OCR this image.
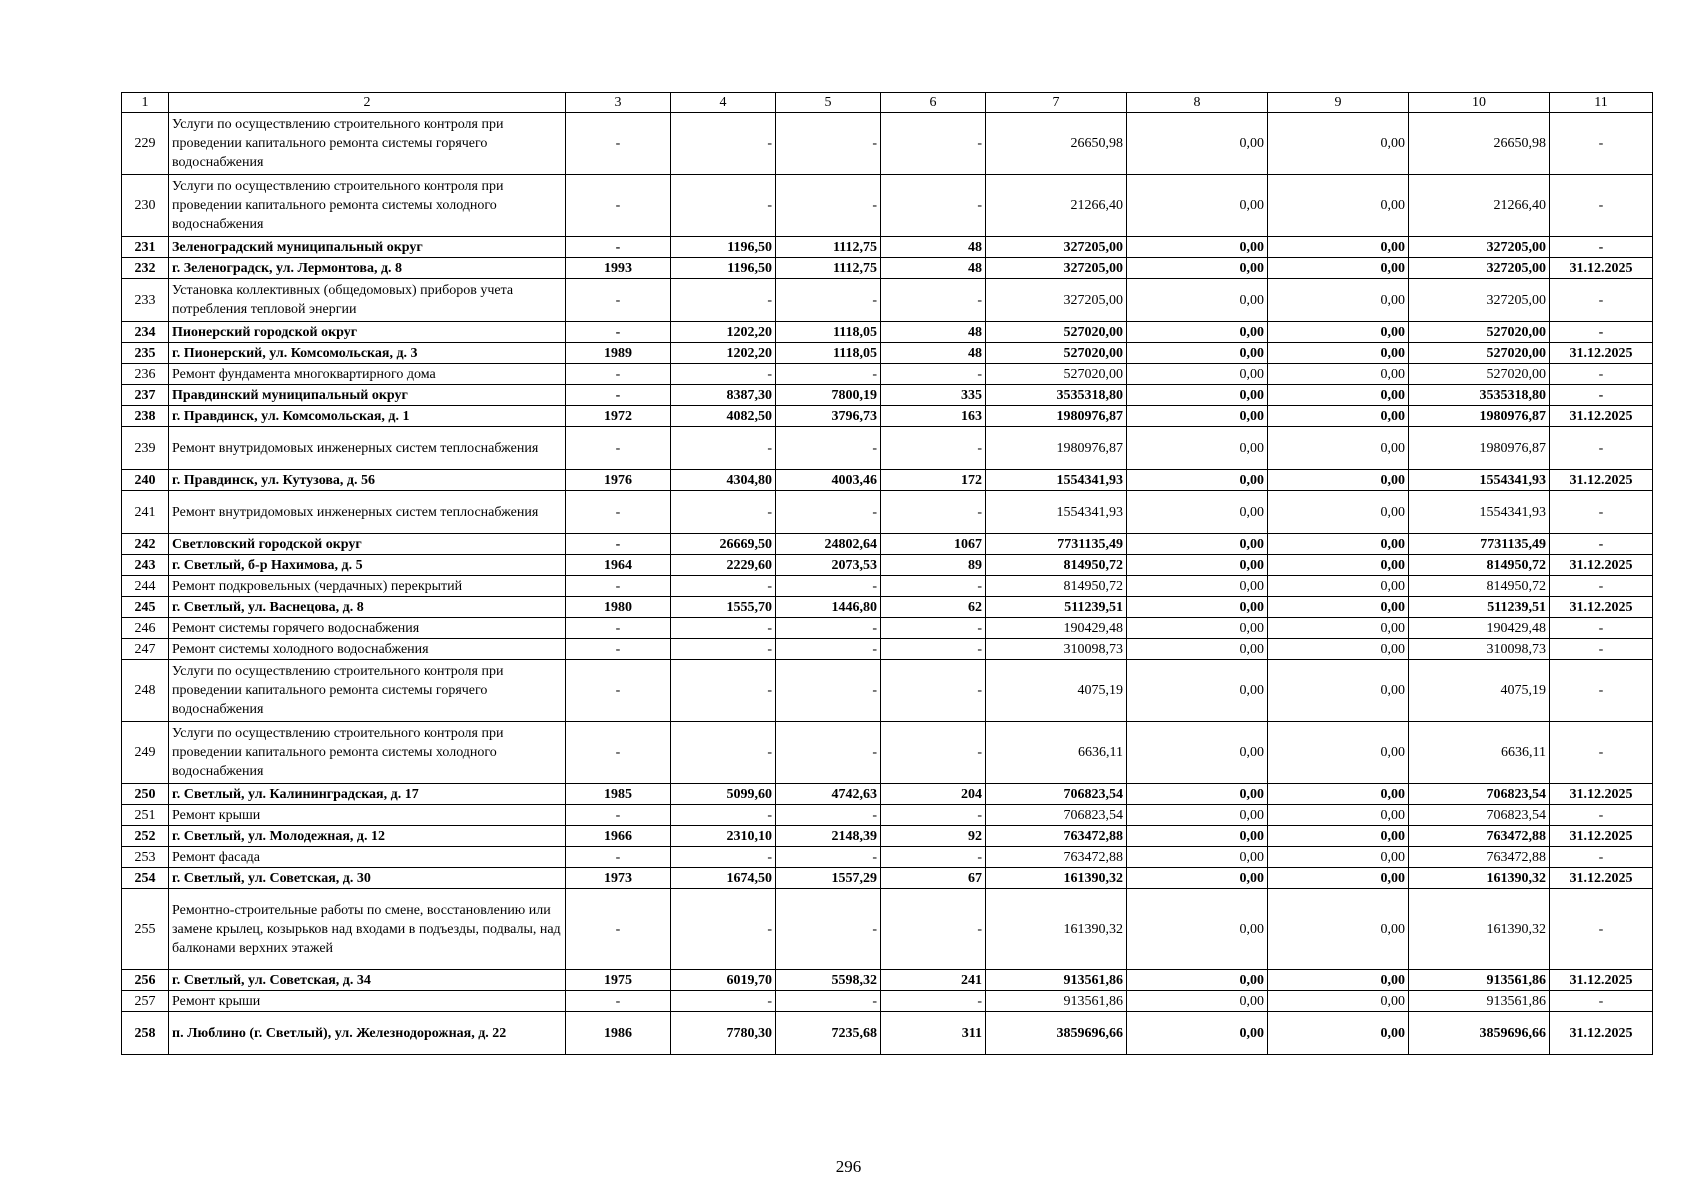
1	2	3	4	5	6	7	8	9	10	11
229	Услуги по осуществлению строительного контроля при проведении капитального ремонта системы горячего водоснабжения	-	-	-	-	26650,98	0,00	0,00	26650,98	-
230	Услуги по осуществлению строительного контроля при проведении капитального ремонта системы холодного водоснабжения	-	-	-	-	21266,40	0,00	0,00	21266,40	-
231	Зеленоградский муниципальный округ	-	1196,50	1112,75	48	327205,00	0,00	0,00	327205,00	-
232	г. Зеленоградск, ул. Лермонтова, д. 8	1993	1196,50	1112,75	48	327205,00	0,00	0,00	327205,00	31.12.2025
233	Установка коллективных (общедомовых) приборов учета потребления тепловой энергии	-	-	-	-	327205,00	0,00	0,00	327205,00	-
234	Пионерский городской округ	-	1202,20	1118,05	48	527020,00	0,00	0,00	527020,00	-
235	г. Пионерский, ул. Комсомольская, д. 3	1989	1202,20	1118,05	48	527020,00	0,00	0,00	527020,00	31.12.2025
236	Ремонт фундамента многоквартирного дома	-	-	-	-	527020,00	0,00	0,00	527020,00	-
237	Правдинский муниципальный округ	-	8387,30	7800,19	335	3535318,80	0,00	0,00	3535318,80	-
238	г. Правдинск, ул. Комсомольская, д. 1	1972	4082,50	3796,73	163	1980976,87	0,00	0,00	1980976,87	31.12.2025
239	Ремонт внутридомовых инженерных систем теплоснабжения	-	-	-	-	1980976,87	0,00	0,00	1980976,87	-
240	г. Правдинск, ул. Кутузова, д. 56	1976	4304,80	4003,46	172	1554341,93	0,00	0,00	1554341,93	31.12.2025
241	Ремонт внутридомовых инженерных систем теплоснабжения	-	-	-	-	1554341,93	0,00	0,00	1554341,93	-
242	Светловский городской округ	-	26669,50	24802,64	1067	7731135,49	0,00	0,00	7731135,49	-
243	г. Светлый, б-р Нахимова, д. 5	1964	2229,60	2073,53	89	814950,72	0,00	0,00	814950,72	31.12.2025
244	Ремонт подкровельных (чердачных) перекрытий	-	-	-	-	814950,72	0,00	0,00	814950,72	-
245	г. Светлый, ул. Васнецова, д. 8	1980	1555,70	1446,80	62	511239,51	0,00	0,00	511239,51	31.12.2025
246	Ремонт системы горячего водоснабжения	-	-	-	-	190429,48	0,00	0,00	190429,48	-
247	Ремонт системы холодного водоснабжения	-	-	-	-	310098,73	0,00	0,00	310098,73	-
248	Услуги по осуществлению строительного контроля при проведении капитального ремонта системы горячего водоснабжения	-	-	-	-	4075,19	0,00	0,00	4075,19	-
249	Услуги по осуществлению строительного контроля при проведении капитального ремонта системы холодного водоснабжения	-	-	-	-	6636,11	0,00	0,00	6636,11	-
250	г. Светлый, ул. Калининградская, д. 17	1985	5099,60	4742,63	204	706823,54	0,00	0,00	706823,54	31.12.2025
251	Ремонт крыши	-	-	-	-	706823,54	0,00	0,00	706823,54	-
252	г. Светлый, ул. Молодежная, д. 12	1966	2310,10	2148,39	92	763472,88	0,00	0,00	763472,88	31.12.2025
253	Ремонт фасада	-	-	-	-	763472,88	0,00	0,00	763472,88	-
254	г. Светлый, ул. Советская, д. 30	1973	1674,50	1557,29	67	161390,32	0,00	0,00	161390,32	31.12.2025
255	Ремонтно-строительные работы по смене, восстановлению или замене крылец, козырьков над входами в подъезды, подвалы, над балконами верхних этажей	-	-	-	-	161390,32	0,00	0,00	161390,32	-
256	г. Светлый, ул. Советская, д. 34	1975	6019,70	5598,32	241	913561,86	0,00	0,00	913561,86	31.12.2025
257	Ремонт крыши	-	-	-	-	913561,86	0,00	0,00	913561,86	-
258	п. Люблино (г. Светлый), ул. Железнодорожная, д. 22	1986	7780,30	7235,68	311	3859696,66	0,00	0,00	3859696,66	31.12.2025
296
